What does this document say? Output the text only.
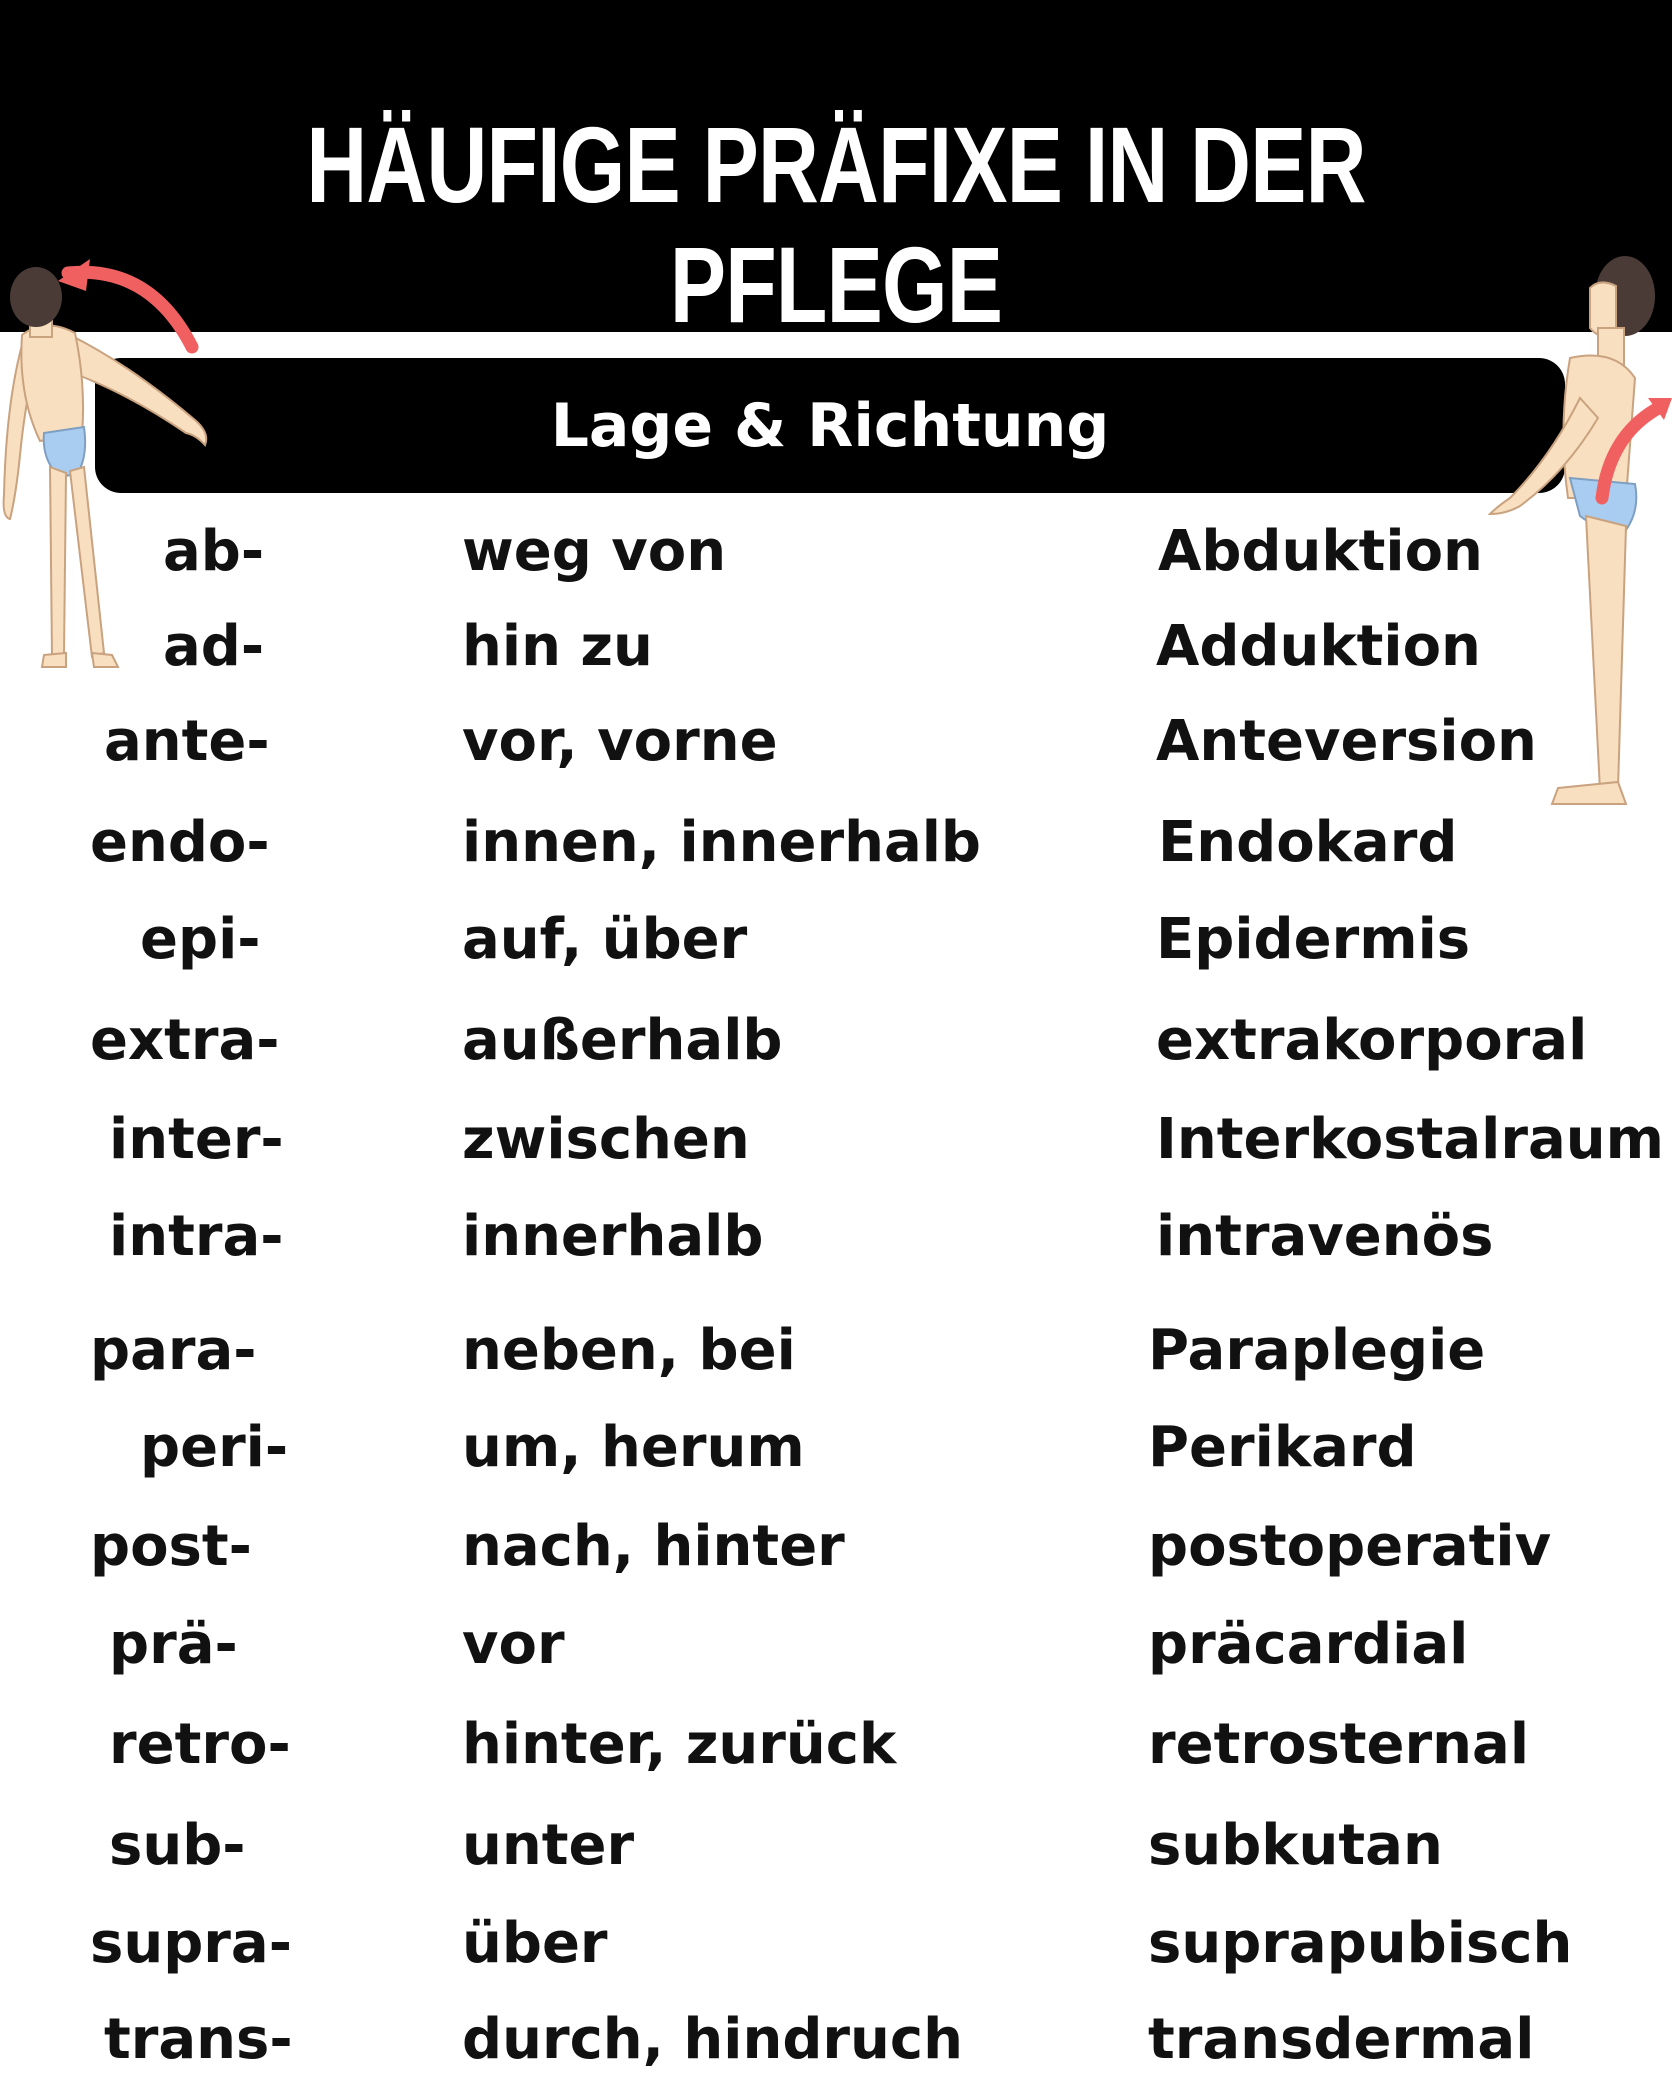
HÄUFIGE PRÄFIXE IN DER PFLEGE
Lage & Richtung
ab-	weg von	Abduktion
ad-	hin zu	Adduktion
ante-	vor, vorne	Anteversion
endo-	innen, innerhalb	Endokard
epi-	auf, über	Epidermis
extra-	außerhalb	extrakorporal
inter-	zwischen	Interkostalraum
intra-	innerhalb	intravenös
para-	neben, bei	Paraplegie
peri-	um, herum	Perikard
post-	nach, hinter	postoperativ
prä-	vor	präcardial
retro-	hinter, zurück	retrosternal
sub-	unter	subkutan
supra-	über	suprapubisch
trans-	durch, hindruch	transdermal
